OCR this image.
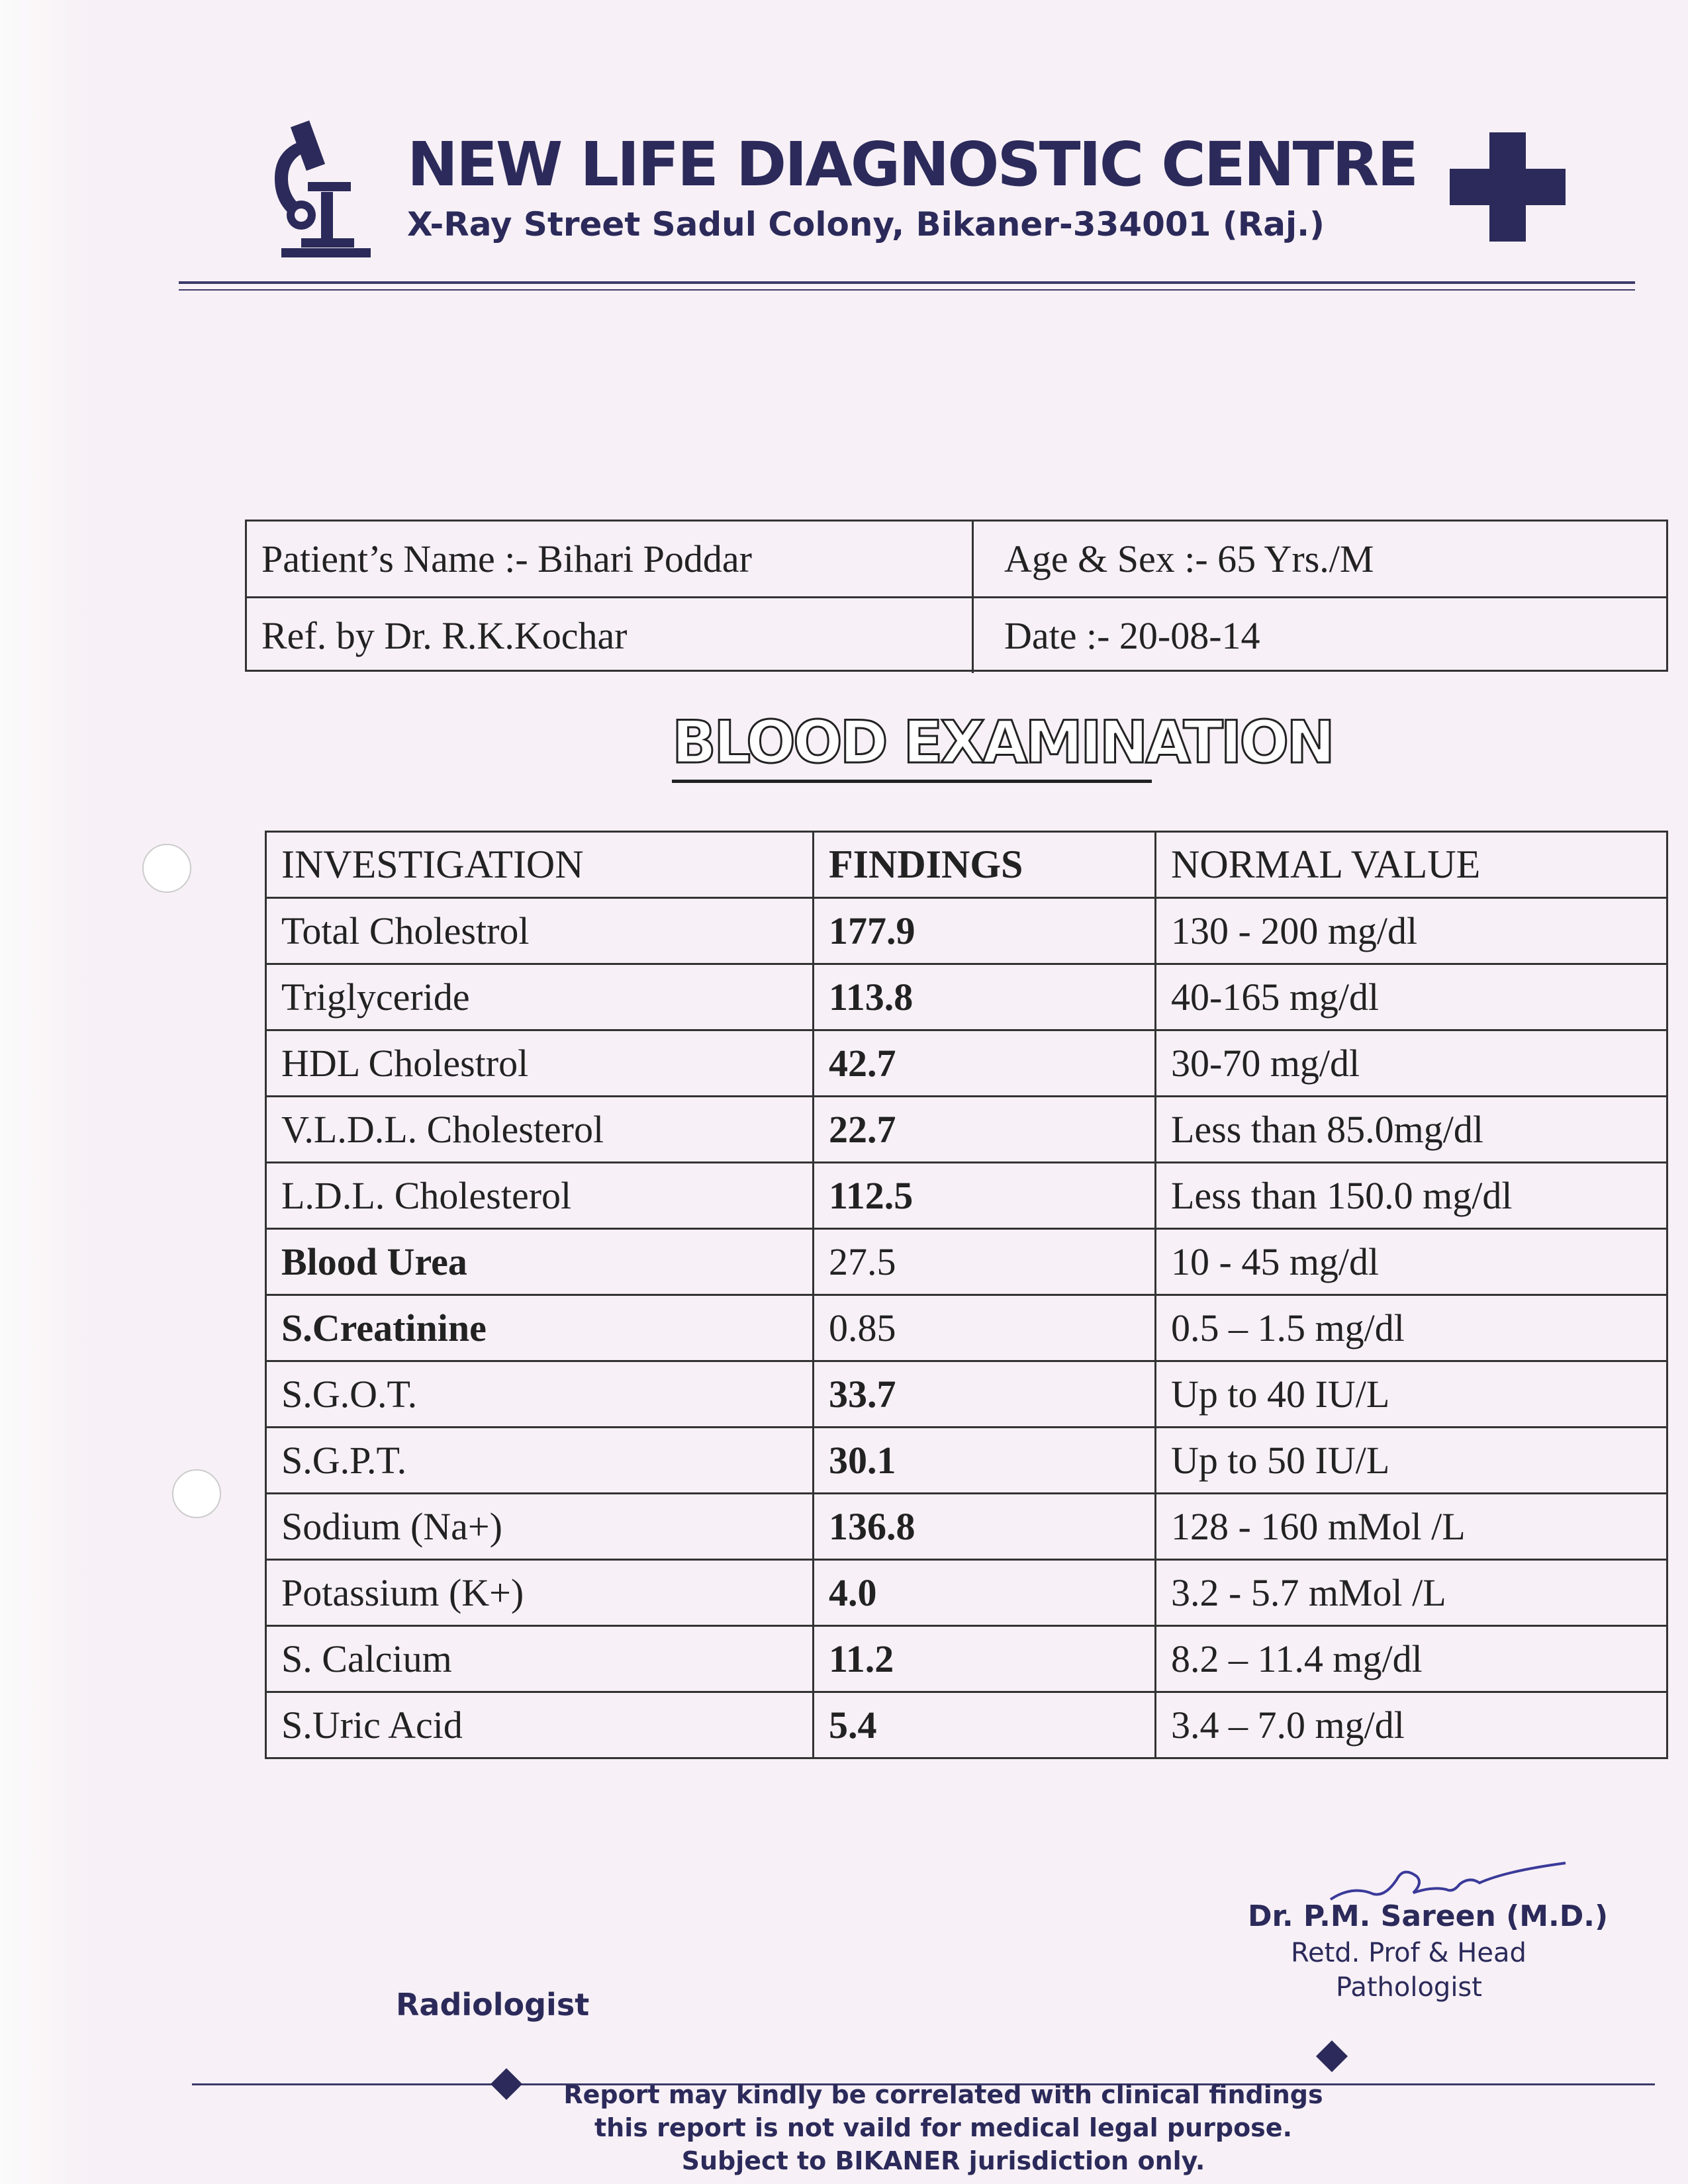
NEW LIFE DIAGNOSTIC CENTRE
X-Ray Street Sadul Colony, Bikaner-334001 (Raj.)
Patient’s Name :- Bihari Poddar	Age & Sex :- 65 Yrs./M
Ref. by Dr. R.K.Kochar	Date :- 20-08-14
BLOOD EXAMINATION
INVESTIGATION	FINDINGS	NORMAL VALUE
Total Cholestrol	177.9	130 - 200 mg/dl
Triglyceride	113.8	40-165 mg/dl
HDL Cholestrol	42.7	30-70 mg/dl
V.L.D.L. Cholesterol	22.7	Less than 85.0mg/dl
L.D.L. Cholesterol	112.5	Less than 150.0 mg/dl
Blood Urea	27.5	10 - 45 mg/dl
S.Creatinine	0.85	0.5 – 1.5 mg/dl
S.G.O.T.	33.7	Up to 40 IU/L
S.G.P.T.	30.1	Up to 50 IU/L
Sodium (Na+)	136.8	128 - 160 mMol /L
Potassium (K+)	4.0	3.2 - 5.7 mMol /L
S. Calcium	11.2	8.2 – 11.4 mg/dl
S.Uric Acid	5.4	3.4 – 7.0 mg/dl
Dr. P.M. Sareen (M.D.)
Retd. Prof & Head
Pathologist
Radiologist
Report may kindly be correlated with clinical findings
this report is not vaild for medical legal purpose.
Subject to BIKANER jurisdiction only.
